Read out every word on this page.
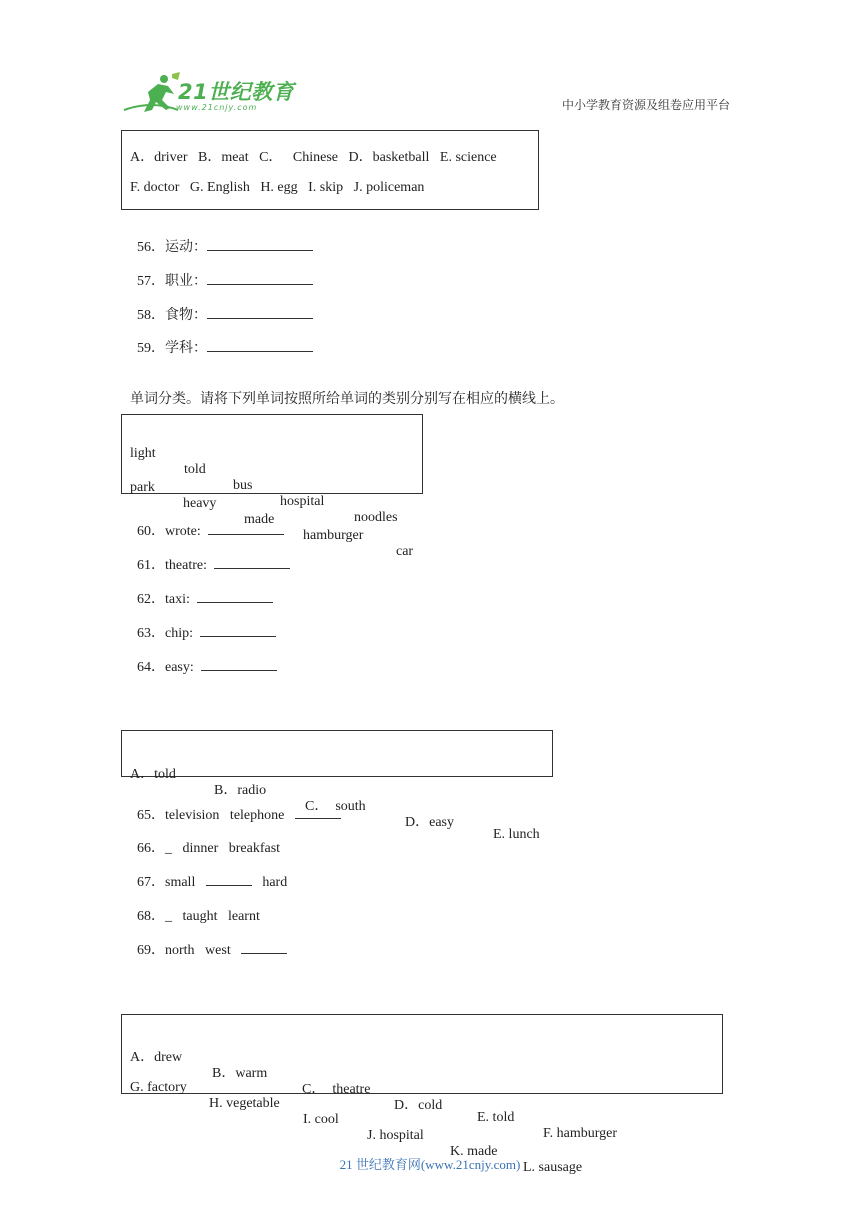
21世纪教育
www.21cnjy.com	中小学教育资源及组卷应用平台
A．driver   B．meat   C．   Chinese   D．basketball   E. science
F. doctor   G. English   H. egg   I. skip   J. policeman

56．运动：

57．职业：

58．食物：

59．学科：

单词分类。请将下列单词按照所给单词的类别分别写在相应的横线上。

light

told

bus

hospital

noodles

park

heavy

made

hamburger

car

60．wrote:

61．theatre:

62．taxi:

63．chip:

64．easy:

A．told

B．radio

C．  south

D．easy

E. lunch

65．television   telephone

66．_ dinner   breakfast

67．small	hard

68．_ taught   learnt

69．north   west

A．drew

B．warm

C．  theatre

D．cold

E. told

F. hamburger

G. factory

H. vegetable

I. cool

J. hospital

K. made

L. sausage

21 世纪教育网(www.21cnjy.com)
